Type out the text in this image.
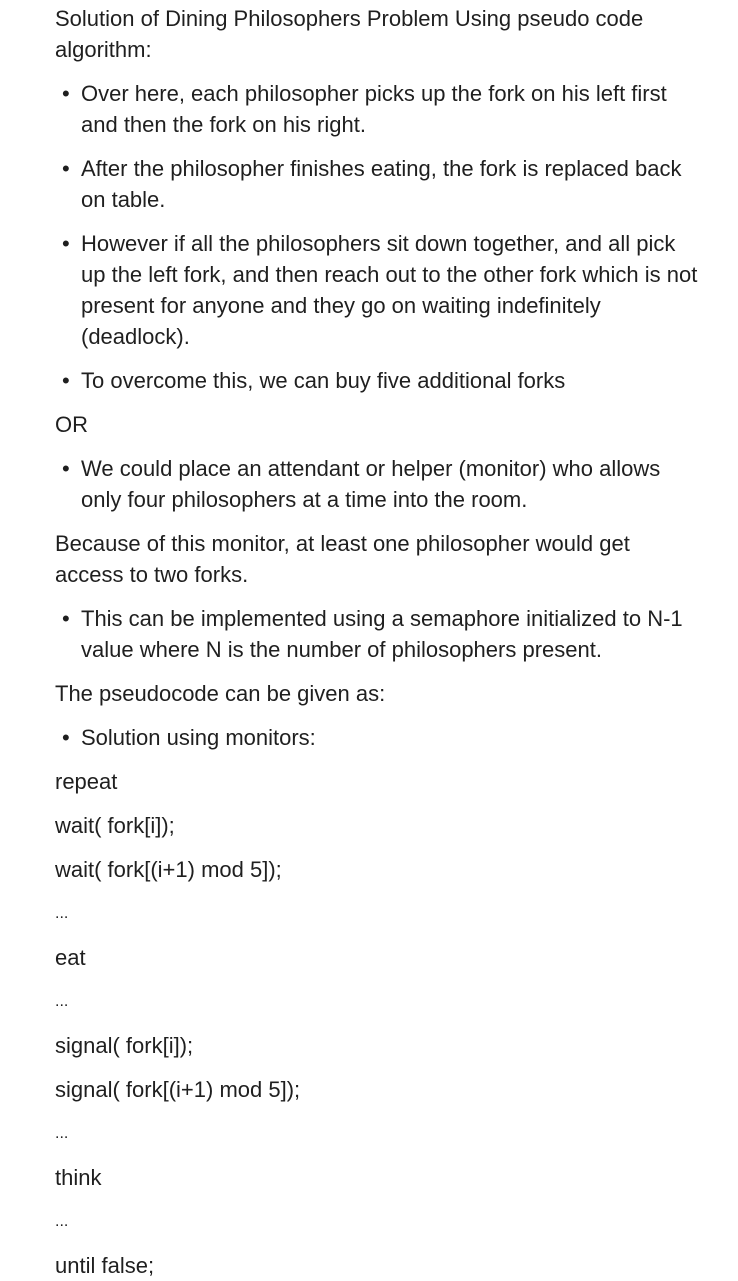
Solution of Dining Philosophers Problem Using pseudo code algorithm:

• Over here, each philosopher picks up the fork on his left first and then the fork on his right.
• After the philosopher finishes eating, the fork is replaced back on table.
• However if all the philosophers sit down together, and all pick up the left fork, and then reach out to the other fork which is not present for anyone and they go on waiting indefinitely (deadlock).
• To overcome this, we can buy five additional forks

OR

• We could place an attendant or helper (monitor) who allows only four philosophers at a time into the room.

Because of this monitor, at least one philosopher would get access to two forks.

• This can be implemented using a semaphore initialized to N-1 value where N is the number of philosophers present.

The pseudocode can be given as:

• Solution using monitors:

repeat

wait( fork[i]);

wait( fork[(i+1) mod 5]);

...

eat

...

signal( fork[i]);

signal( fork[(i+1) mod 5]);

...

think

...

until false;
